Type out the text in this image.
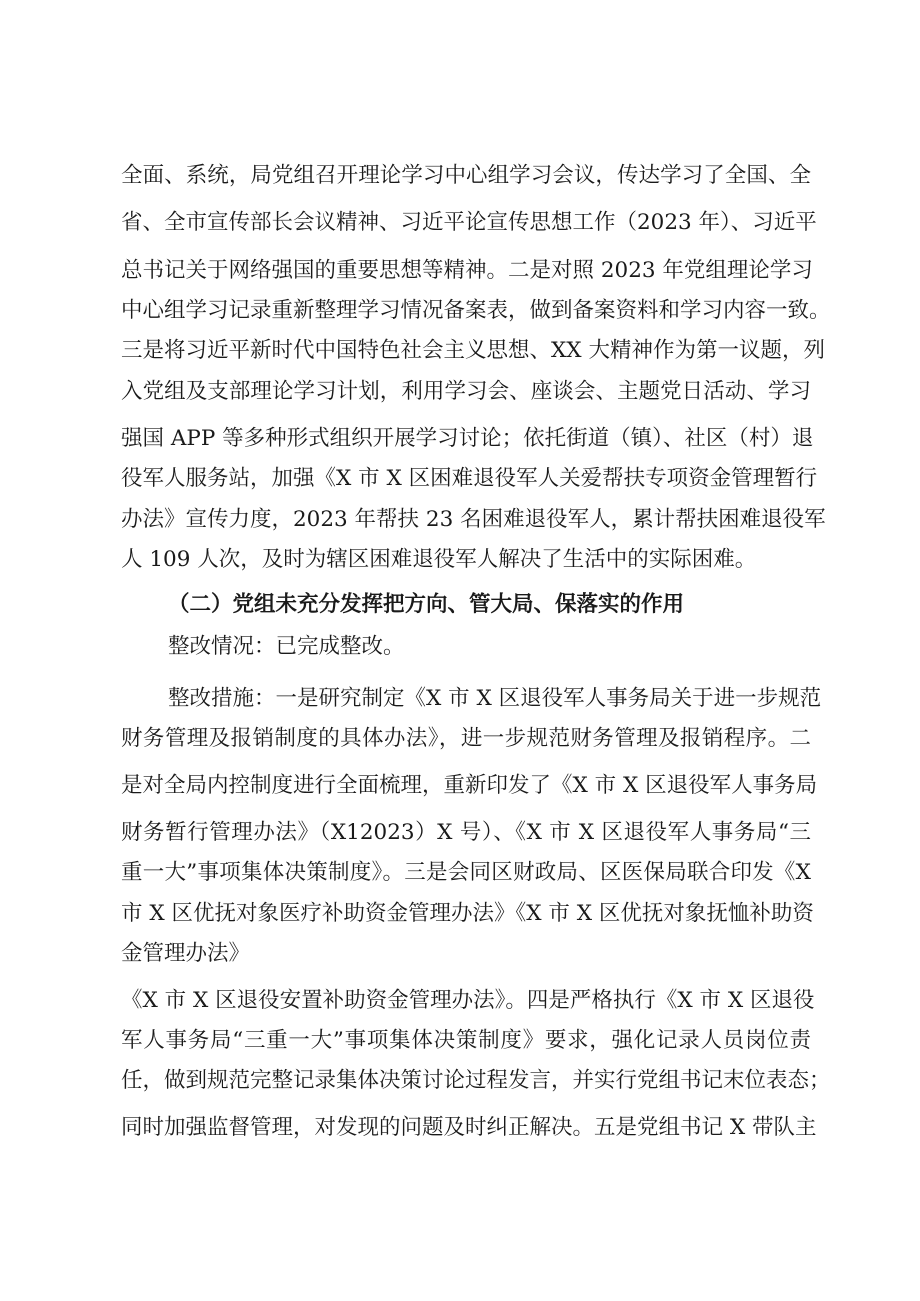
全面、系统，局党组召开理论学习中心组学习会议，传达学习了全国、全
省、全市宣传部长会议精神、习近平论宣传思想工作（2023 年）、习近平
总书记关于网络强国的重要思想等精神。二是对照 2023 年党组理论学习
中心组学习记录重新整理学习情况备案表，做到备案资料和学习内容一致。
三是将习近平新时代中国特色社会主义思想、XX 大精神作为第一议题，列
入党组及支部理论学习计划，利用学习会、座谈会、主题党日活动、学习
强国 APP 等多种形式组织开展学习讨论；依托街道（镇）、社区（村）退
役军人服务站，加强《X 市 X 区困难退役军人关爱帮扶专项资金管理暂行
办法》宣传力度，2023 年帮扶 23 名困难退役军人，累计帮扶困难退役军
人 109 人次，及时为辖区困难退役军人解决了生活中的实际困难。
（二）党组未充分发挥把方向、管大局、保落实的作用
整改情况：已完成整改。
整改措施：一是研究制定《X 市 X 区退役军人事务局关于进一步规范
财务管理及报销制度的具体办法》，进一步规范财务管理及报销程序。二
是对全局内控制度进行全面梳理，重新印发了《X 市 X 区退役军人事务局
财务暂行管理办法》（X12023）X 号）、《X 市 X 区退役军人事务局“三
重一大”事项集体决策制度》。三是会同区财政局、区医保局联合印发《X
市 X 区优抚对象医疗补助资金管理办法》《X 市 X 区优抚对象抚恤补助资
金管理办法》
《X 市 X 区退役安置补助资金管理办法》。四是严格执行《X 市 X 区退役
军人事务局“三重一大”事项集体决策制度》要求，强化记录人员岗位责
任，做到规范完整记录集体决策讨论过程发言，并实行党组书记末位表态；
同时加强监督管理，对发现的问题及时纠正解决。五是党组书记 X 带队主
